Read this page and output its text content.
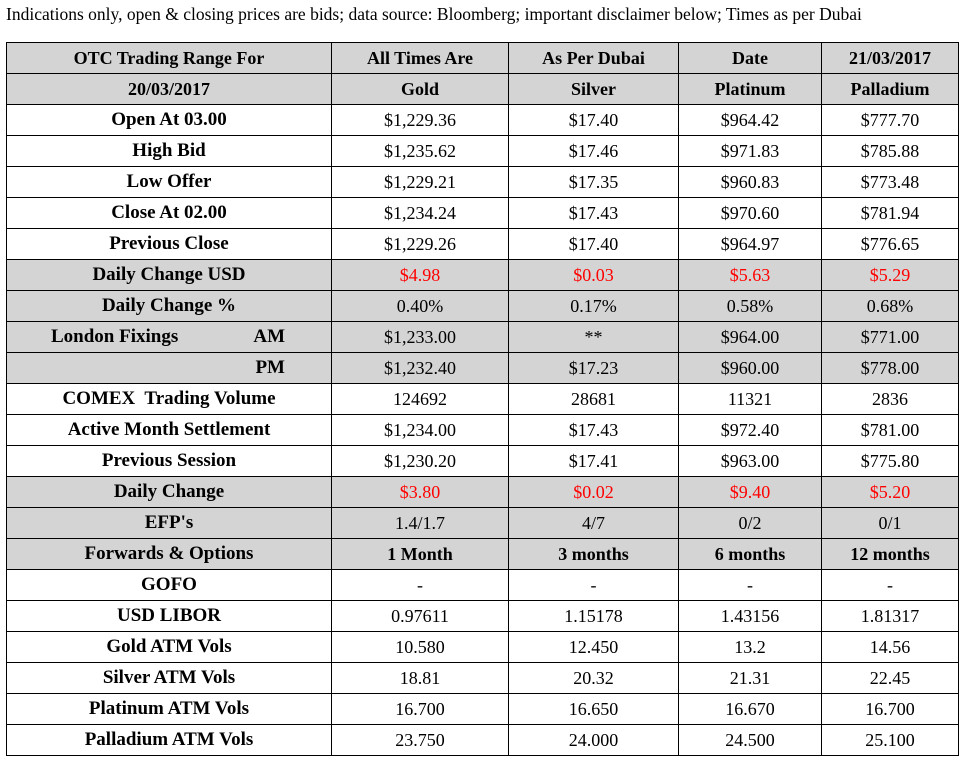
Indications only, open & closing prices are bids; data source: Bloomberg; important disclaimer below; Times as per Dubai
OTC Trading Range For	All Times Are	As Per Dubai	Date	21/03/2017
20/03/2017	Gold	Silver	Platinum	Palladium
Open At 03.00	$1,229.36	$17.40	$964.42	$777.70
High Bid	$1,235.62	$17.46	$971.83	$785.88
Low Offer	$1,229.21	$17.35	$960.83	$773.48
Close At 02.00	$1,234.24	$17.43	$970.60	$781.94
Previous Close	$1,229.26	$17.40	$964.97	$776.65
Daily Change USD	$4.98	$0.03	$5.63	$5.29
Daily Change %	0.40%	0.17%	0.58%	0.68%

London Fixings AM	$1,233.00	**	$964.00	$771.00

PM	$1,232.40	$17.23	$960.00	$778.00
COMEX  Trading Volume	124692	28681	11321	2836
Active Month Settlement	$1,234.00	$17.43	$972.40	$781.00
Previous Session	$1,230.20	$17.41	$963.00	$775.80
Daily Change	$3.80	$0.02	$9.40	$5.20
EFP's	1.4/1.7	4/7	0/2	0/1
Forwards & Options	1 Month	3 months	6 months	12 months
GOFO	-	-	-	-
USD LIBOR	0.97611	1.15178	1.43156	1.81317
Gold ATM Vols	10.580	12.450	13.2	14.56
Silver ATM Vols	18.81	20.32	21.31	22.45
Platinum ATM Vols	16.700	16.650	16.670	16.700
Palladium ATM Vols	23.750	24.000	24.500	25.100
